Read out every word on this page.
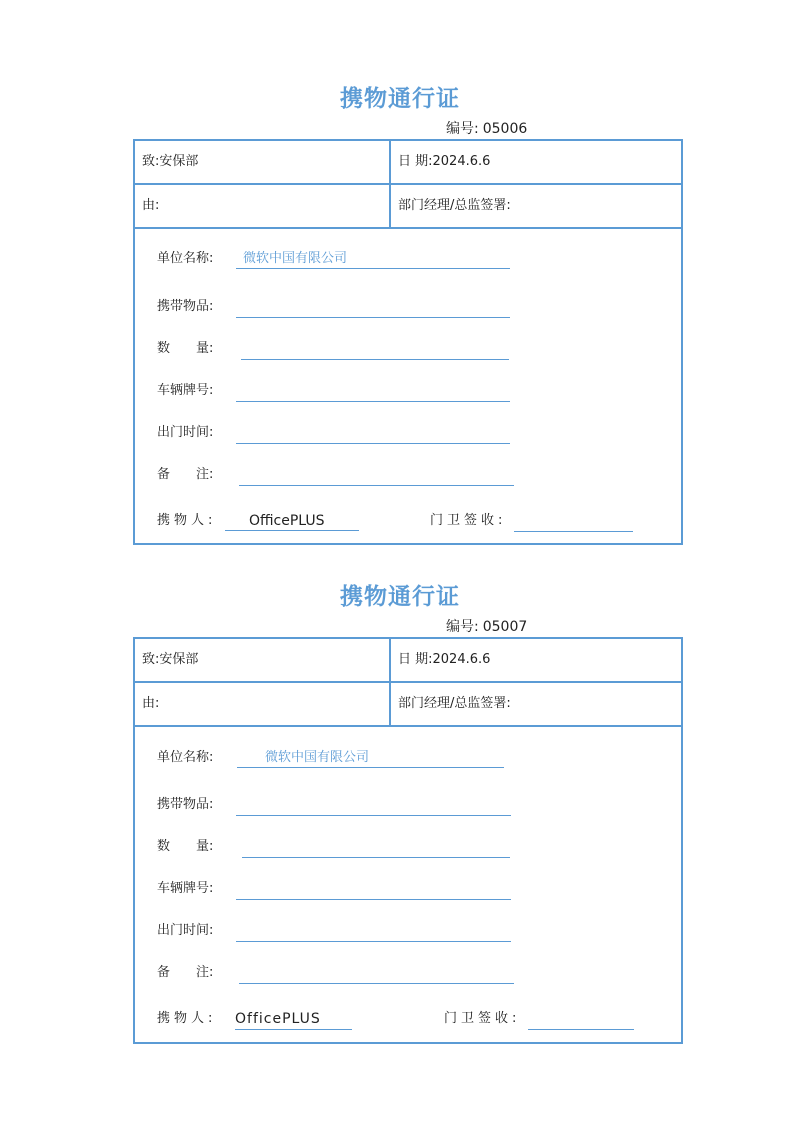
携物通行证
编号: 05006
致:安保部	日 期:2024.6.6
由:	部门经理/总监签署:
单位名称:	微软中国有限公司
携带物品:
数　　量:
车辆牌号:
出门时间:
备　　注:
携物人:	OfficePLUS	门卫签收:
携物通行证
编号: 05007
致:安保部	日 期:2024.6.6
由:	部门经理/总监签署:
单位名称:	微软中国有限公司
携带物品:
数　　量:
车辆牌号:
出门时间:
备　　注:
携物人: OfficePLUS	门卫签收:
